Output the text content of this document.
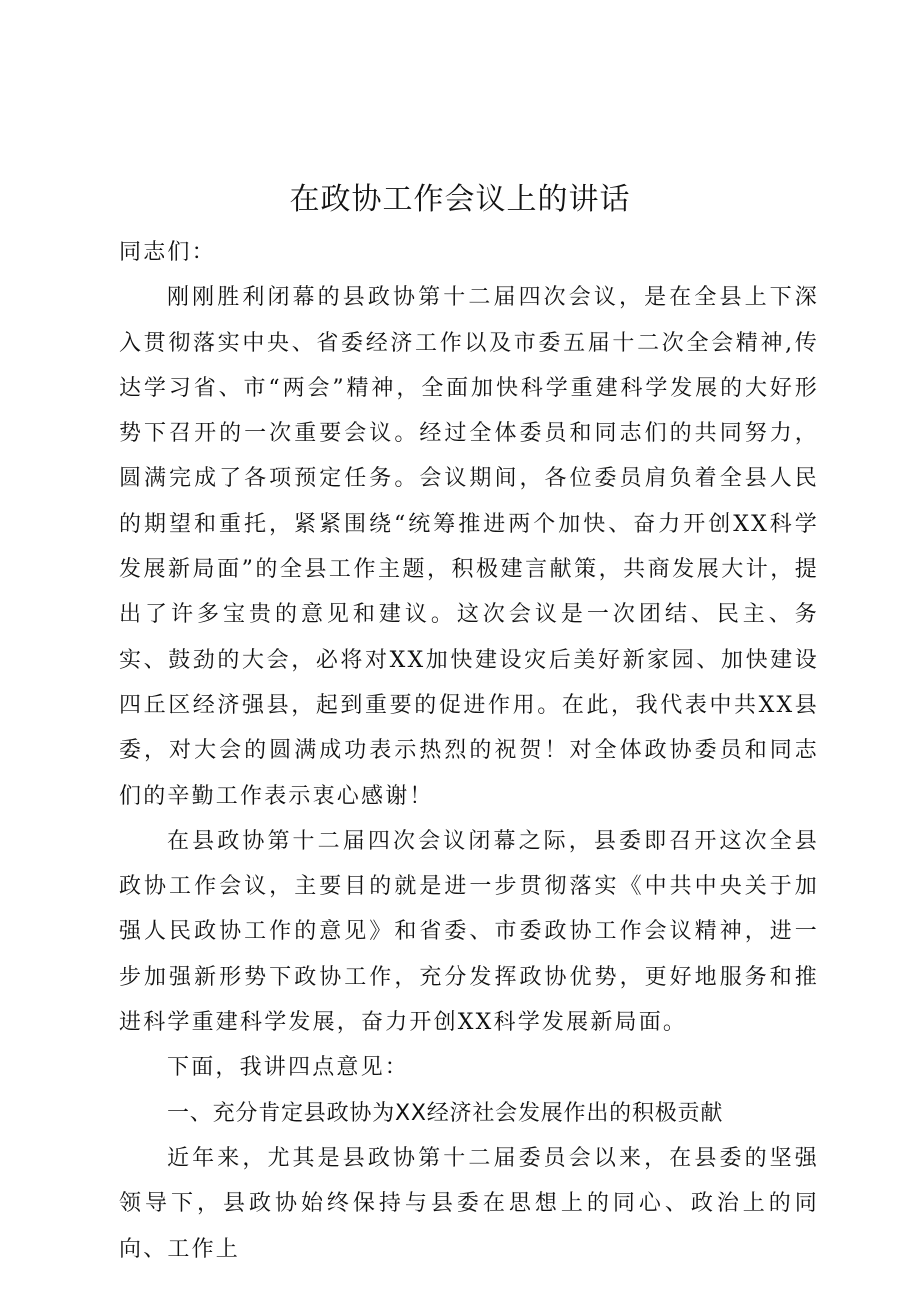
在政协工作会议上的讲话

同志们：

刚刚胜利闭幕的县政协第十二届四次会议，是在全县上下深入贯彻落实中央、省委经济工作以及市委五届十二次全会精神,传达学习省、市“两会”精神，全面加快科学重建科学发展的大好形势下召开的一次重要会议。经过全体委员和同志们的共同努力，圆满完成了各项预定任务。会议期间，各位委员肩负着全县人民的期望和重托，紧紧围绕“统筹推进两个加快、奋力开创XX科学发展新局面”的全县工作主题，积极建言献策，共商发展大计，提出了许多宝贵的意见和建议。这次会议是一次团结、民主、务实、鼓劲的大会，必将对XX加快建设灾后美好新家园、加快建设四丘区经济强县，起到重要的促进作用。在此，我代表中共XX县委，对大会的圆满成功表示热烈的祝贺！对全体政协委员和同志们的辛勤工作表示衷心感谢！

在县政协第十二届四次会议闭幕之际，县委即召开这次全县政协工作会议，主要目的就是进一步贯彻落实《中共中央关于加强人民政协工作的意见》和省委、市委政协工作会议精神，进一步加强新形势下政协工作，充分发挥政协优势，更好地服务和推进科学重建科学发展，奋力开创XX科学发展新局面。

下面，我讲四点意见：

一、充分肯定县政协为XX经济社会发展作出的积极贡献

近年来，尤其是县政协第十二届委员会以来，在县委的坚强领导下，县政协始终保持与县委在思想上的同心、政治上的同向、工作上
